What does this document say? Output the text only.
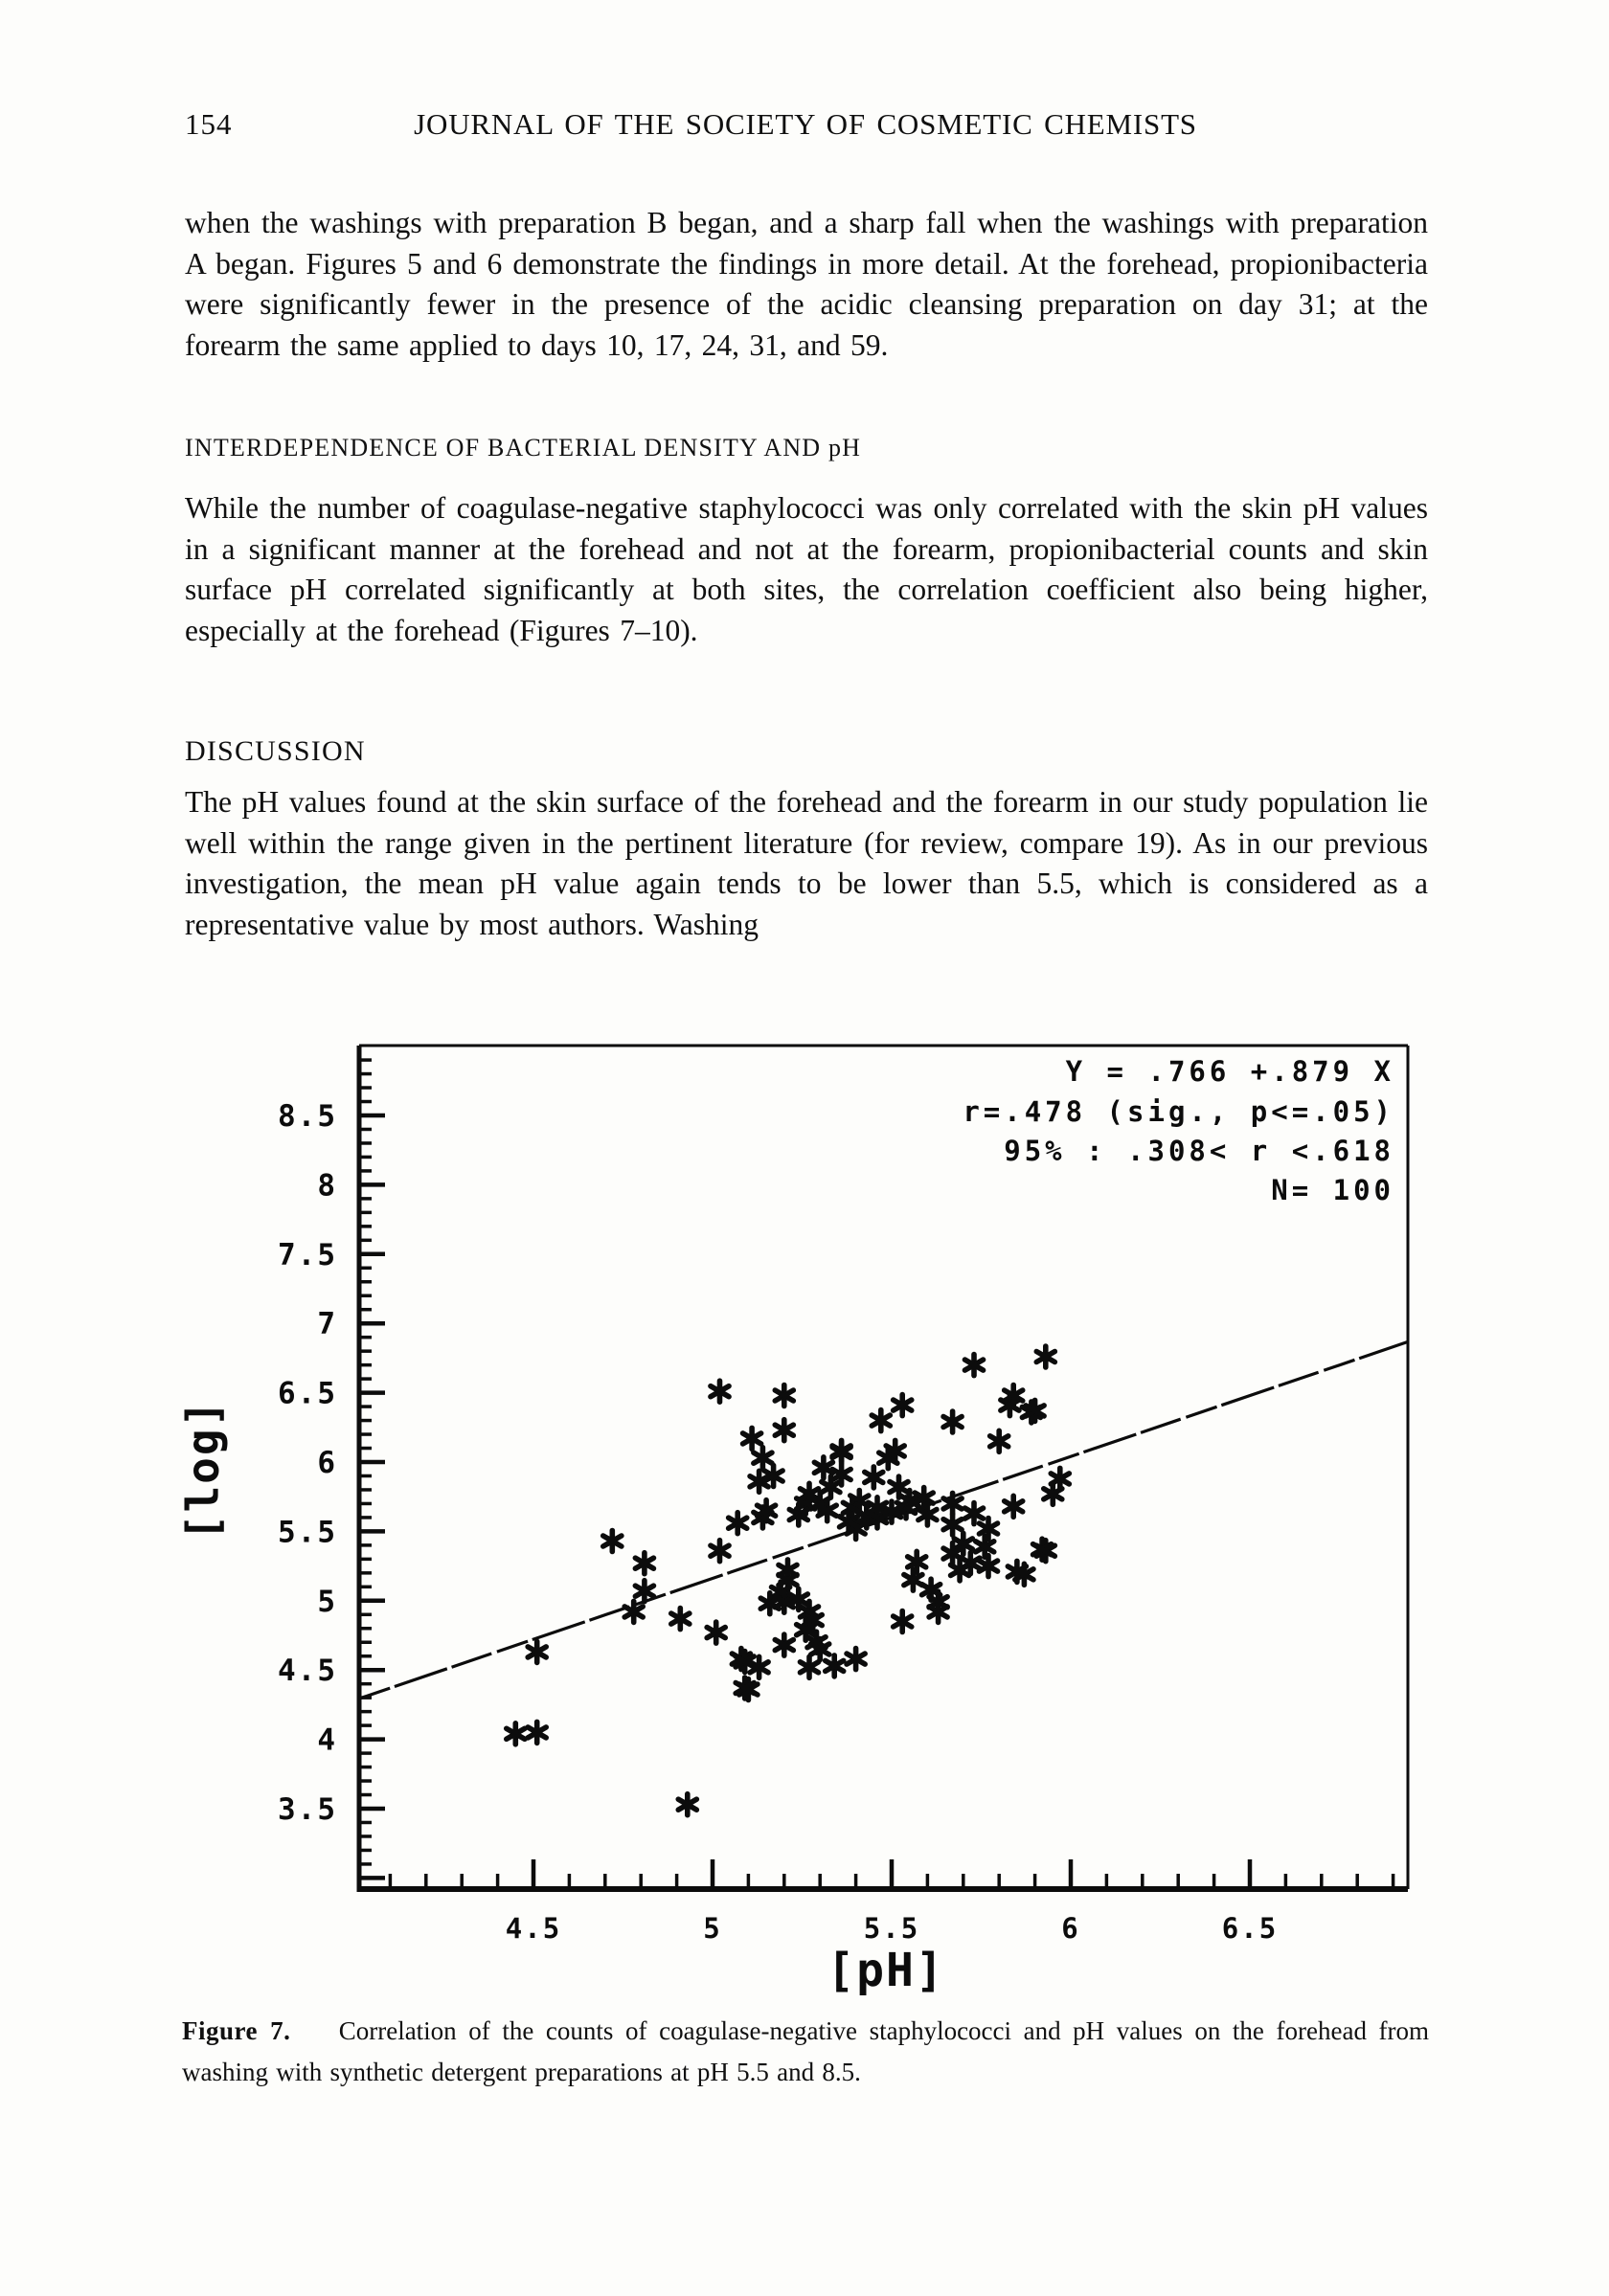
154	JOURNAL OF THE SOCIETY OF COSMETIC CHEMISTS
when the washings with preparation B began, and a sharp fall when the washings with preparation A began. Figures 5 and 6 demonstrate the findings in more detail. At the forehead, propionibacteria were significantly fewer in the presence of the acidic cleansing preparation on day 31; at the forearm the same applied to days 10, 17, 24, 31, and 59.
INTERDEPENDENCE OF BACTERIAL DENSITY AND pH
While the number of coagulase-negative staphylococci was only correlated with the skin pH values in a significant manner at the forehead and not at the forearm, propionibacterial counts and skin surface pH correlated significantly at both sites, the correlation coefficient also being higher, especially at the forehead (Figures 7–10).
DISCUSSION
The pH values found at the skin surface of the forehead and the forearm in our study population lie well within the range given in the pertinent literature (for review, compare 19). As in our previous investigation, the mean pH value again tends to be lower than 5.5, which is considered as a representative value by most authors. Washing
8.5
8
7.5
7
6.5
6
5.5
5
4.5
4
3.5
4.5	5	5.5	6	6.5
Y = .766 +.879 X
r=.478 (sig., p<=.05)
95% : .308< r <.618
N= 100
[pH]
[log]
Figure 7. Correlation of the counts of coagulase-negative staphylococci and pH values on the forehead from washing with synthetic detergent preparations at pH 5.5 and 8.5.
